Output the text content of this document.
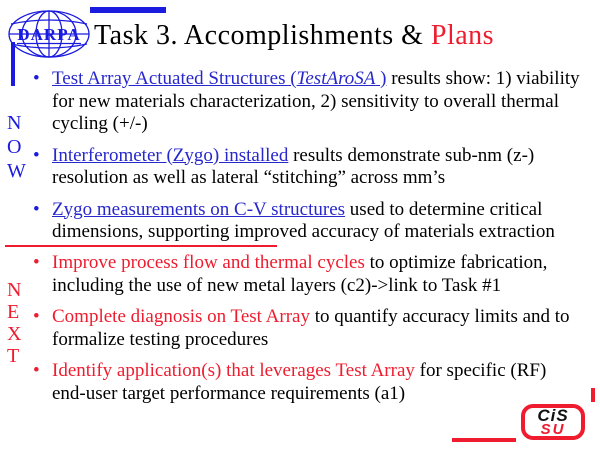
DARPA Task 3. Accomplishments & Plans
N
O
W
N
E
X
T
• Test Array Actuated Structures (TestAroSA ) results show: 1) viability for new materials characterization, 2) sensitivity to overall thermal cycling (+/-)
• Interferometer (Zygo) installed results demonstrate sub-nm (z-) resolution as well as lateral “stitching” across mm’s
• Zygo measurements on C-V structures used to determine critical dimensions, supporting improved accuracy of materials extraction
• Improve process flow and thermal cycles to optimize fabrication, including the use of new metal layers (c2)->link to Task #1
• Complete diagnosis on Test Array to quantify accuracy limits and to formalize testing procedures
• Identify application(s) that leverages Test Array for specific (RF) end-user target performance requirements (a1)
CiS
SU
